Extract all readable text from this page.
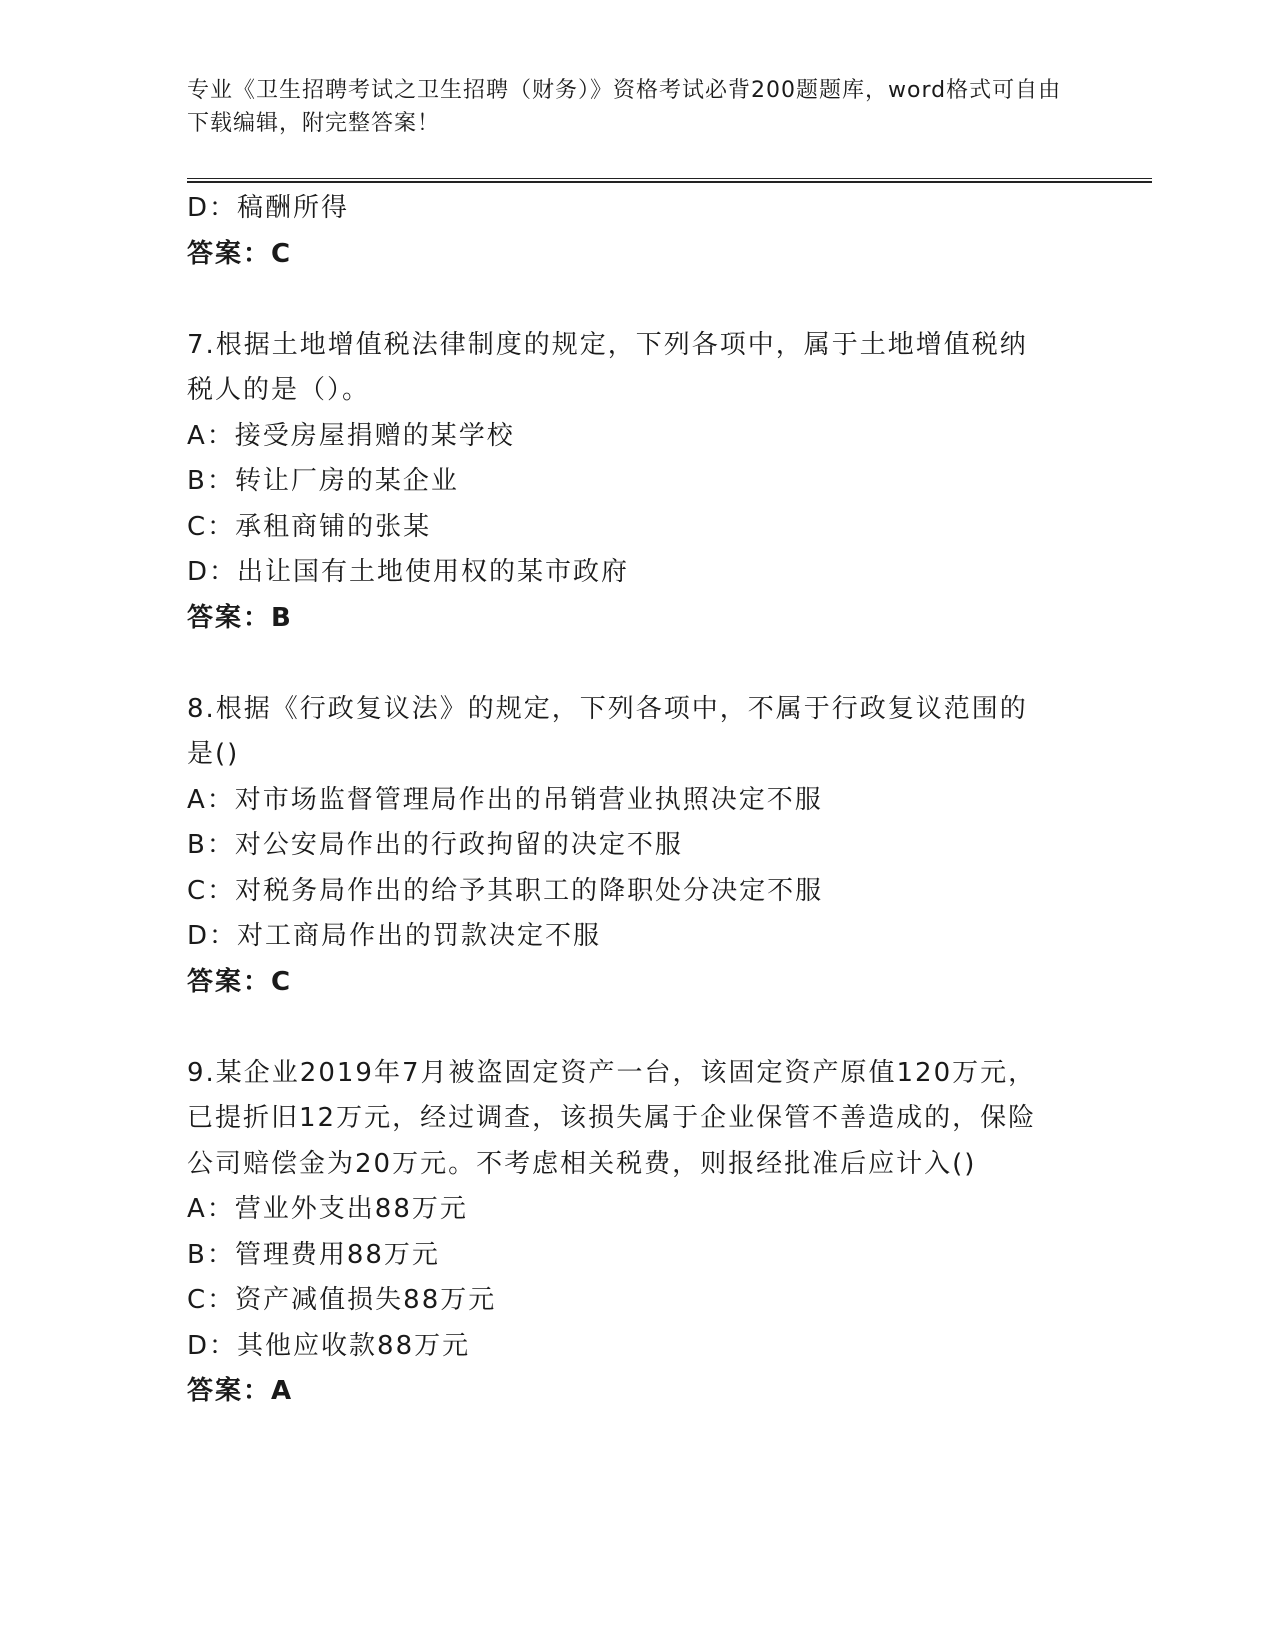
专业《卫生招聘考试之卫生招聘（财务）》资格考试必背200题题库，word格式可自由下载编辑，附完整答案！

D：稿酬所得

答案：C

7.根据土地增值税法律制度的规定，下列各项中，属于土地增值税纳

税人的是（）。

A：接受房屋捐赠的某学校

B：转让厂房的某企业

C：承租商铺的张某

D：出让国有土地使用权的某市政府

答案：B

8.根据《行政复议法》的规定，下列各项中，不属于行政复议范围的

是()

A：对市场监督管理局作出的吊销营业执照决定不服

B：对公安局作出的行政拘留的决定不服

C：对税务局作出的给予其职工的降职处分决定不服

D：对工商局作出的罚款决定不服

答案：C

9.某企业2019年7月被盗固定资产一台，该固定资产原值120万元，

已提折旧12万元，经过调查，该损失属于企业保管不善造成的，保险

公司赔偿金为20万元。不考虑相关税费，则报经批准后应计入()

A：营业外支出88万元

B：管理费用88万元

C：资产减值损失88万元

D：其他应收款88万元

答案：A
